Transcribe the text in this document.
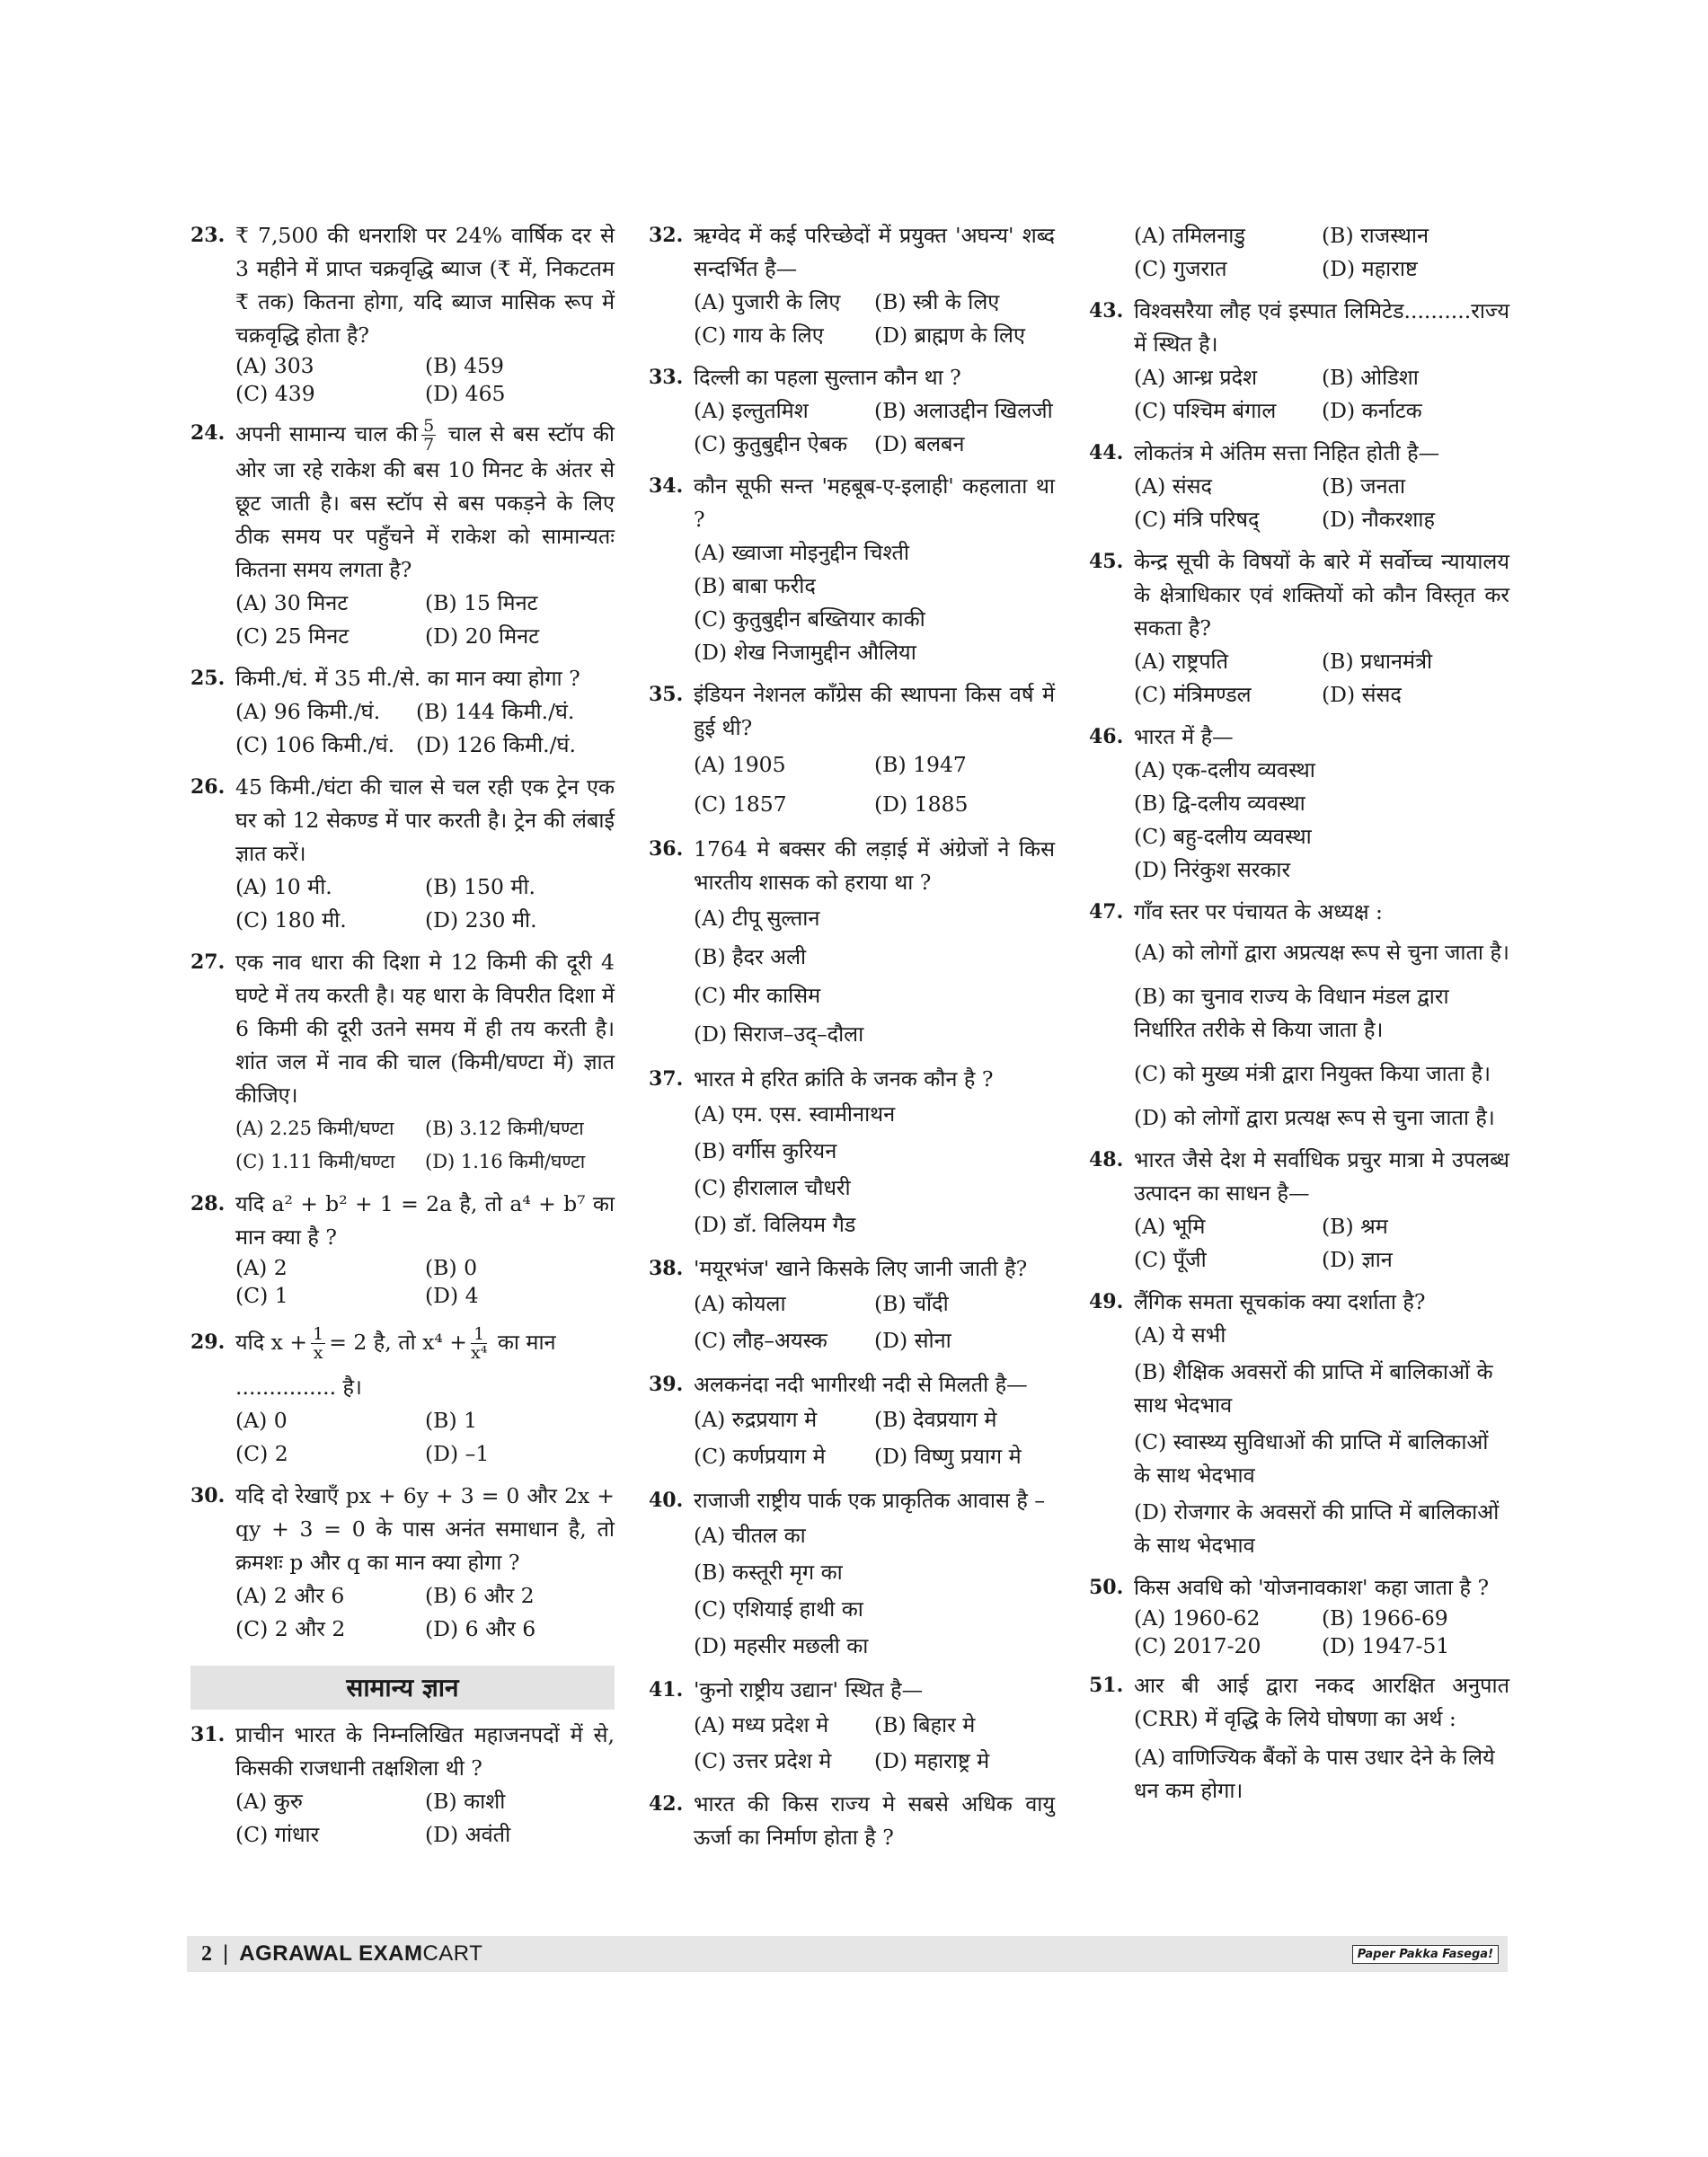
23. ₹ 7,500 की धनराशि पर 24% वार्षिक दर से 3 महीने में प्राप्त चक्रवृद्धि ब्याज (₹ में, निकटतम ₹ तक) कितना होगा, यदि ब्याज मासिक रूप में चक्रवृद्धि होता है?
(A) 303	(B) 459
(C) 439	(D) 465
24. अपनी सामान्य चाल की $\frac{5}{7}$ चाल से बस स्टॉप की ओर जा रहे राकेश की बस 10 मिनट के अंतर से छूट जाती है। बस स्टॉप से बस पकड़ने के लिए ठीक समय पर पहुँचने में राकेश को सामान्यतः कितना समय लगता है?
(A) 30 मिनट	(B) 15 मिनट
(C) 25 मिनट	(D) 20 मिनट
25. किमी./घं. में 35 मी./से. का मान क्या होगा ?
(A) 96 किमी./घं.	(B) 144 किमी./घं.
(C) 106 किमी./घं.	(D) 126 किमी./घं.
26. 45 किमी./घंटा की चाल से चल रही एक ट्रेन एक घर को 12 सेकण्ड में पार करती है। ट्रेन की लंबाई ज्ञात करें।
(A) 10 मी.	(B) 150 मी.
(C) 180 मी.	(D) 230 मी.
27. एक नाव धारा की दिशा मे 12 किमी की दूरी 4 घण्टे में तय करती है। यह धारा के विपरीत दिशा में 6 किमी की दूरी उतने समय में ही तय करती है। शांत जल में नाव की चाल (किमी/घण्टा में) ज्ञात कीजिए।
(A) 2.25 किमी/घण्टा	(B) 3.12 किमी/घण्टा
(C) 1.11 किमी/घण्टा	(D) 1.16 किमी/घण्टा
28. यदि a² + b² + 1 = 2a है, तो a⁴ + b⁷ का मान क्या है ?
(A) 2	(B) 0
(C) 1	(D) 4
29. यदि $x + \frac{1}{x} = 2$ है, तो $x^4 + \frac{1}{\text{x⁴}}$ का मान
............... है।
(A) 0	(B) 1
(C) 2	(D) –1
30. यदि दो रेखाएँ px + 6y + 3 = 0 और 2x + qy + 3 = 0 के पास अनंत समाधान है, तो क्रमशः p और q का मान क्या होगा ?
(A) 2 और 6	(B) 6 और 2
(C) 2 और 2	(D) 6 और 6
सामान्य ज्ञान
31. प्राचीन भारत के निम्नलिखित महाजनपदों में से, किसकी राजधानी तक्षशिला थी ?
(A) कुरु	(B) काशी
(C) गांधार	(D) अवंती
32. ऋग्वेद में कई परिच्छेदों में प्रयुक्त 'अघन्य' शब्द सन्दर्भित है—
(A) पुजारी के लिए	(B) स्त्री के लिए
(C) गाय के लिए	(D) ब्राह्मण के लिए
33. दिल्ली का पहला सुल्तान कौन था ?
(A) इल्तुतमिश	(B) अलाउद्दीन खिलजी
(C) कुतुबुद्दीन ऐबक	(D) बलबन
34. कौन सूफी सन्त 'महबूब-ए-इलाही' कहलाता था ?
(A) ख्वाजा मोइनुद्दीन चिश्ती
(B) बाबा फरीद
(C) कुतुबुद्दीन बख्तियार काकी
(D) शेख निजामुद्दीन औलिया
35. इंडियन नेशनल कॉंग्रेस की स्थापना किस वर्ष में हुई थी?
(A) 1905	(B) 1947
(C) 1857	(D) 1885
36. 1764 मे बक्सर की लड़ाई में अंग्रेजों ने किस भारतीय शासक को हराया था ?
(A) टीपू सुल्तान
(B) हैदर अली
(C) मीर कासिम
(D) सिराज–उद्–दौला
37. भारत मे हरित क्रांति के जनक कौन है ?
(A) एम. एस. स्वामीनाथन
(B) वर्गीस कुरियन
(C) हीरालाल चौधरी
(D) डॉ. विलियम गैड
38. 'मयूरभंज' खाने किसके लिए जानी जाती है?
(A) कोयला	(B) चाँदी
(C) लौह–अयस्क	(D) सोना
39. अलकनंदा नदी भागीरथी नदी से मिलती है—
(A) रुद्रप्रयाग मे	(B) देवप्रयाग मे
(C) कर्णप्रयाग मे	(D) विष्णु प्रयाग मे
40. राजाजी राष्ट्रीय पार्क एक प्राकृतिक आवास है –
(A) चीतल का
(B) कस्तूरी मृग का
(C) एशियाई हाथी का
(D) महसीर मछली का
41. 'कुनो राष्ट्रीय उद्यान' स्थित है—
(A) मध्य प्रदेश मे	(B) बिहार मे
(C) उत्तर प्रदेश मे	(D) महाराष्ट्र मे
42. भारत की किस राज्य मे सबसे अधिक वायु ऊर्जा का निर्माण होता है ?
(A) तमिलनाडु	(B) राजस्थान
(C) गुजरात	(D) महाराष्ट
43. विश्वसरैया लौह एवं इस्पात लिमिटेड..........राज्य में स्थित है।
(A) आन्ध्र प्रदेश	(B) ओडिशा
(C) पश्चिम बंगाल	(D) कर्नाटक
44. लोकतंत्र मे अंतिम सत्ता निहित होती है—
(A) संसद	(B) जनता
(C) मंत्रि परिषद्	(D) नौकरशाह
45. केन्द्र सूची के विषयों के बारे में सर्वोच्च न्यायालय के क्षेत्राधिकार एवं शक्तियों को कौन विस्तृत कर सकता है?
(A) राष्ट्रपति	(B) प्रधानमंत्री
(C) मंत्रिमण्डल	(D) संसद
46. भारत में है—
(A) एक-दलीय व्यवस्था
(B) द्वि-दलीय व्यवस्था
(C) बहु-दलीय व्यवस्था
(D) निरंकुश सरकार
47. गाँव स्तर पर पंचायत के अध्यक्ष :
(A) को लोगों द्वारा अप्रत्यक्ष रूप से चुना जाता है।
(B) का चुनाव राज्य के विधान मंडल द्वारा निर्धारित तरीके से किया जाता है।
(C) को मुख्य मंत्री द्वारा नियुक्त किया जाता है।
(D) को लोगों द्वारा प्रत्यक्ष रूप से चुना जाता है।
48. भारत जैसे देश मे सर्वाधिक प्रचुर मात्रा मे उपलब्ध उत्पादन का साधन है—
(A) भूमि	(B) श्रम
(C) पूँजी	(D) ज्ञान
49. लैंगिक समता सूचकांक क्या दर्शाता है?
(A) ये सभी
(B) शैक्षिक अवसरों की प्राप्ति में बालिकाओं के साथ भेदभाव
(C) स्वास्थ्य सुविधाओं की प्राप्ति में बालिकाओं के साथ भेदभाव
(D) रोजगार के अवसरों की प्राप्ति में बालिकाओं के साथ भेदभाव
50. किस अवधि को 'योजनावकाश' कहा जाता है ?
(A) 1960-62	(B) 1966-69
(C) 2017-20	(D) 1947-51
51. आर बी आई द्वारा नकद आरक्षित अनुपात (CRR) में वृद्धि के लिये घोषणा का अर्थ :
(A) वाणिज्यिक बैंकों के पास उधार देने के लिये धन कम होगा।
2 | AGRAWAL EXAMCART	Paper Pakka Fasega!
